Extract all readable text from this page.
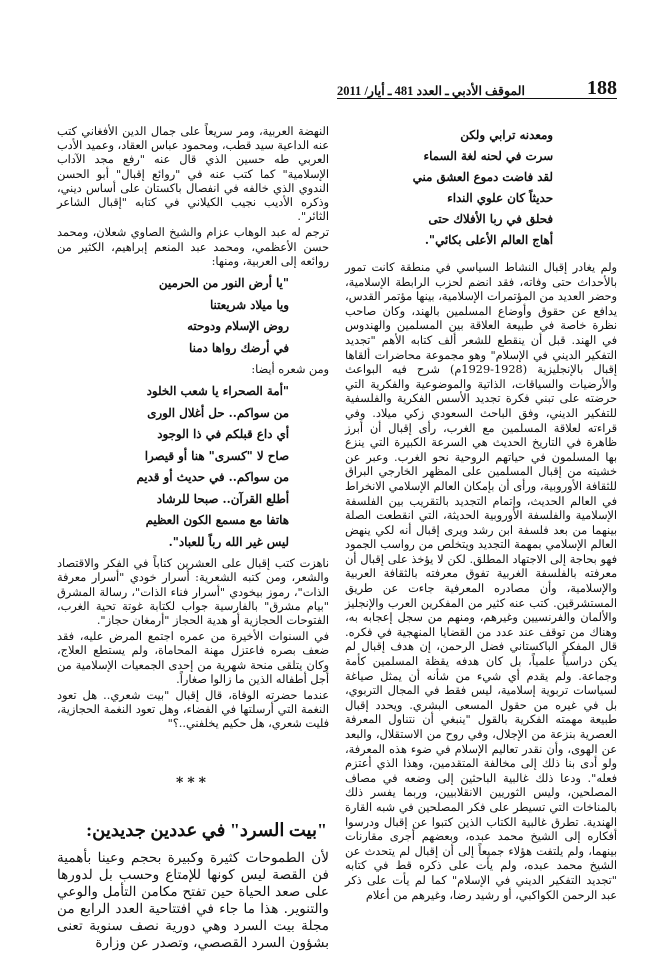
188
الموقف الأدبي ـ العدد 481 ـ أيار/ 2011
ومعدنه ترابي ولكن
سرت في لحنه لغة السماء
لقد فاضت دموع العشق مني
حديثاً كان علوي النداء
فحلق في ربا الأفلاك حتى
أهاج العالم الأعلى بكائي".

ولم يغادر إقبال النشاط السياسي في منطقة كانت تمور بالأحداث حتى وفاته، فقد انضم لحزب الرابطة الإسلامية، وحضر العديد من المؤتمرات الإسلامية، بينها مؤتمر القدس، يدافع عن حقوق وأوضاع المسلمين بالهند، وكان صاحب نظرة خاصة في طبيعة العلاقة بين المسلمين والهندوس في الهند. قبل أن ينقطع للشعر ألف كتابه الأهم "تجديد التفكير الديني في الإسلام" وهو مجموعة محاضرات ألقاها إقبال بالإنجليزية (1928-1929م) شرح فيه البواعث والأرضيات والسياقات، الذاتية والموضوعية والفكرية التي حرضته على تبني فكرة تجديد الأسس الفكرية والفلسفية للتفكير الديني، وفق الباحث السعودي زكي ميلاد. وفي قراءته لعلاقة المسلمين مع الغرب، رأى إقبال أن أبرز ظاهرة في التاريخ الحديث هي السرعة الكبيرة التي ينزع بها المسلمون في حياتهم الروحية نحو الغرب. وعبر عن خشيته من إقبال المسلمين على المظهر الخارجي البراق للثقافة الأوروبية، ورأى أن بإمكان العالم الإسلامي الانخراط في العالم الحديث، وإتمام التجديد بالتقريب بين الفلسفة الإسلامية والفلسفة الأوروبية الحديثة، التي انقطعت الصلة بينهما من بعد فلسفة ابن رشد ويرى إقبال أنه لكي ينهض العالم الإسلامي بمهمة التجديد ويتخلص من رواسب الجمود فهو بحاجة إلى الاجتهاد المطلق. لكن لا يؤخذ على إقبال أن معرفته بالفلسفة الغربية تفوق معرفته بالثقافة العربية والإسلامية، وأن مصادره المعرفية جاءت عن طريق المستشرقين. كتب عنه كثير من المفكرين العرب والإنجليز والألمان والفرنسيين وغيرهم، ومنهم من سجل إعجابه به، وهناك من توقف عند عدد من القضايا المنهجية في فكره. قال المفكر الباكستاني فضل الرحمن، إن هدف إقبال لم يكن دراسياً علمياً، بل كان هدفه يقظة المسلمين كأمة وجماعة. ولم يقدم أي شيء من شأنه أن يمثل صياغة لسياسات تربوية إسلامية، ليس فقط في المجال التربوي، بل في غيره من حقول المسعى البشري. ويحدد إقبال طبيعة مهمته الفكرية بالقول "ينبغي أن نتناول المعرفة العصرية بنزعة من الإجلال، وفي روح من الاستقلال، والبعد عن الهوى، وأن نقدر تعاليم الإسلام في ضوء هذه المعرفة، ولو أدى بنا ذلك إلى مخالفة المتقدمين، وهذا الذي أعتزم فعله". ودعا ذلك غالبية الباحثين إلى وضعه في مصاف المصلحين، وليس الثوريين الانقلابيين، وربما يفسر ذلك بالمناخات التي تسيطر على فكر المصلحين في شبه القارة الهندية. تطرق غالبية الكتاب الذين كتبوا عن إقبال ودرسوا أفكاره إلى الشيخ محمد عبده، وبعضهم أجرى مقارنات بينهما، ولم يلتفت هؤلاء جميعاً إلى أن إقبال لم يتحدث عن الشيخ محمد عبده، ولم يأت على ذكره قط في كتابه "تجديد التفكير الديني في الإسلام" كما لم يأت على ذكر عبد الرحمن الكواكبي، أو رشيد رضا، وغيرهم من أعلام

النهضة العربية، ومر سريعاً على جمال الدين الأفغاني كتب عنه الداعية سيد قطب، ومحمود عباس العقاد، وعميد الأدب العربي طه حسين الذي قال عنه "رفع مجد الآداب الإسلامية" كما كتب عنه في "روائع إقبال" أبو الحسن الندوي الذي خالفه في انفصال باكستان على أساس ديني، وذكره الأديب نجيب الكيلاني في كتابه "إقبال الشاعر الثائر".

ترجم له عبد الوهاب عزام والشيخ الصاوي شعلان، ومحمد حسن الأعظمي، ومحمد عبد المنعم إبراهيم، الكثير من روائعه إلى العربية، ومنها:

"يا أرض النور من الحرمين
ويا ميلاد شريعتنا
روض الإسلام ودوحته
في أرضك رواها دمنا

ومن شعره أيضا:

"أمة الصحراء يا شعب الخلود
من سواكم.. حل أغلال الورى
أي داع قبلكم في ذا الوجود
صاح لا "كسرى" هنا أو قيصرا
من سواكم.. في حديث أو قديم
أطلع القرآن.. صبحا للرشاد
هاتفا مع مسمع الكون العظيم
ليس غير الله رباً للعباد".

ناهزت كتب إقبال على العشرين كتاباً في الفكر والاقتصاد والشعر، ومن كتبه الشعرية: أسرار خودي "أسرار معرفة الذات"، رموز بيخودي "أسرار فناء الذات"، رسالة المشرق "بيام مشرق" بالفارسية جواب لكتابة غوتة تحية الغرب، الفتوحات الحجازية أو هدية الحجاز "أرمغان حجاز".

في السنوات الأخيرة من عمره اجتمع المرض عليه، فقد ضعف بصره فاعتزل مهنة المحاماة، ولم يستطع العلاج، وكان يتلقى منحة شهرية من إحدى الجمعيات الإسلامية من أجل أطفاله الذين ما زالوا صغاراً.

عندما حضرته الوفاة، قال إقبال "بيت شعري.. هل تعود النغمة التي أرسلتها في الفضاء، وهل تعود النغمة الحجازية، فليت شعري، هل حكيم يخلفني..؟"

***
"بيت السرد" في عددين جديدين:

لأن الطموحات كثيرة وكبيرة بحجم وعينا بأهمية فن القصة ليس كونها للإمتاع وحسب بل لدورها على صعد الحياة حين تفتح مكامن التأمل والوعي والتنوير. هذا ما جاء في افتتاحية العدد الرابع من مجلة بيت السرد وهي دورية نصف سنوية تعنى بشؤون السرد القصصي، وتصدر عن وزارة
